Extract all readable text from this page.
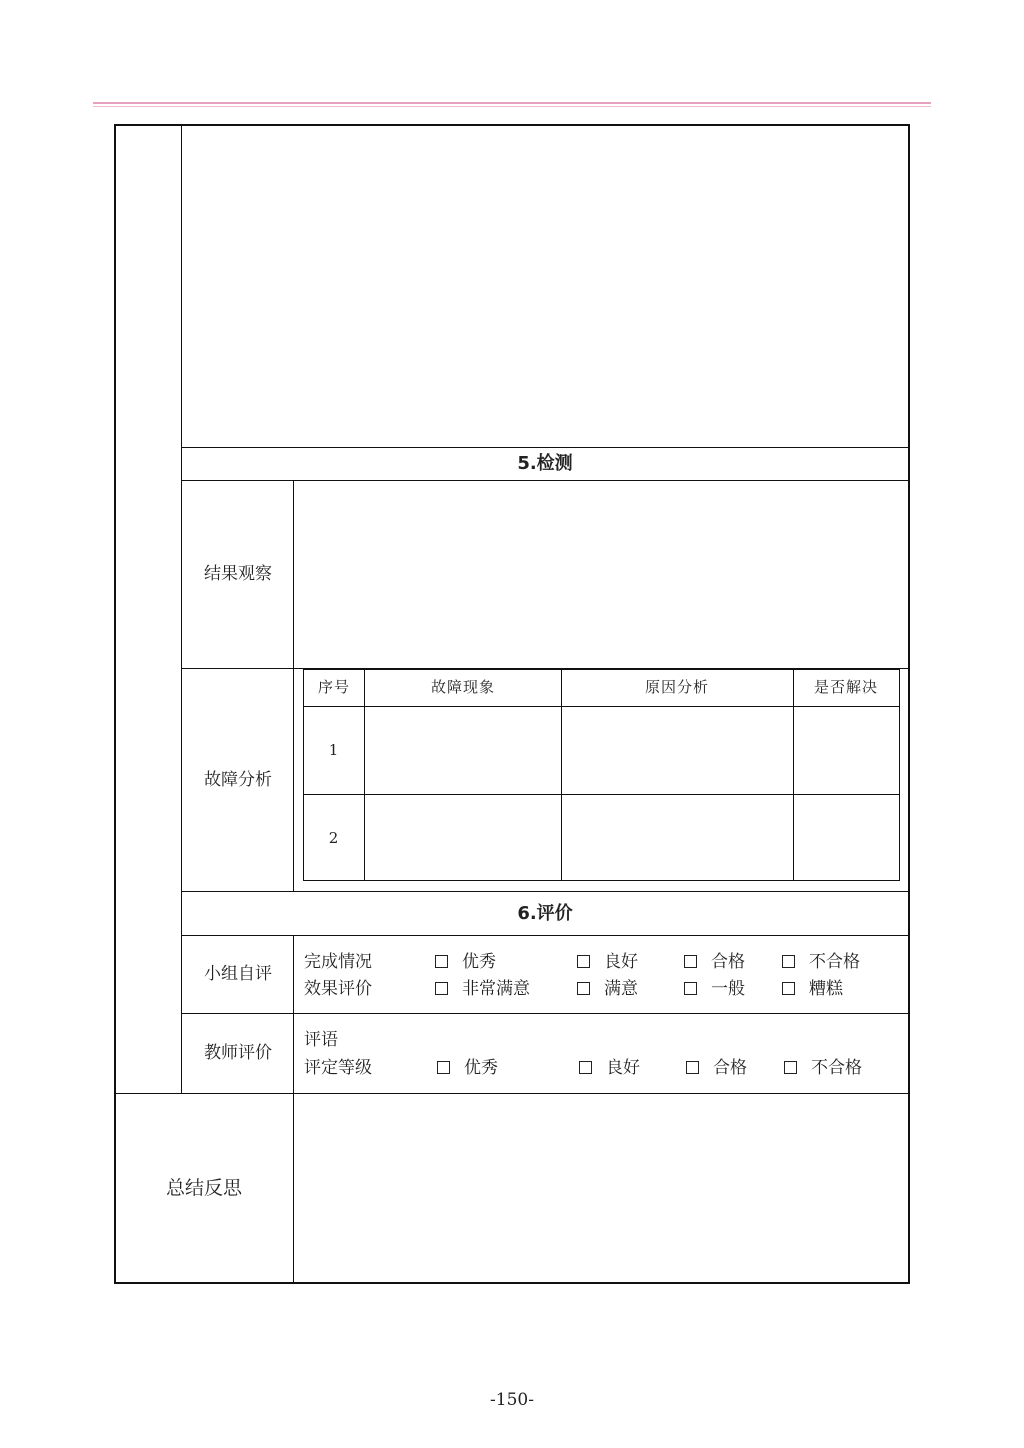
5.检测
结果观察
故障分析
序号	故障现象	原因分析	是否解决
1
2
6.评价
小组自评
完成情况	优秀	良好	合格	不合格
效果评价	非常满意	满意	一般	糟糕
教师评价
评语
评定等级	优秀	良好	合格	不合格
总结反思
-150-
